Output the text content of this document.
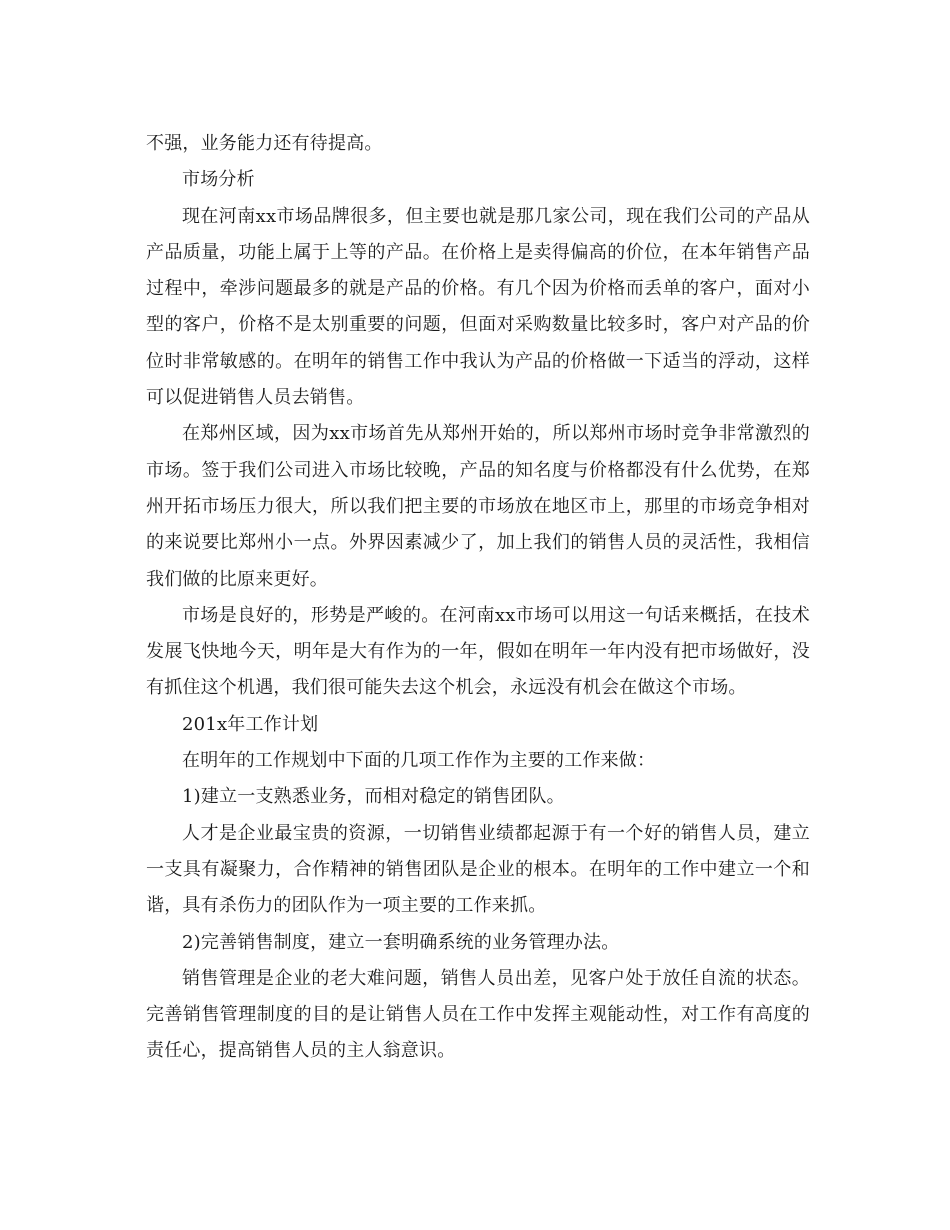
不强，业务能力还有待提高。

市场分析

现在河南xx市场品牌很多，但主要也就是那几家公司，现在我们公司的产品从产品质量，功能上属于上等的产品。在价格上是卖得偏高的价位，在本年销售产品过程中，牵涉问题最多的就是产品的价格。有几个因为价格而丢单的客户，面对小型的客户，价格不是太别重要的问题，但面对采购数量比较多时，客户对产品的价位时非常敏感的。在明年的销售工作中我认为产品的价格做一下适当的浮动，这样可以促进销售人员去销售。

在郑州区域，因为xx市场首先从郑州开始的，所以郑州市场时竞争非常激烈的市场。签于我们公司进入市场比较晚，产品的知名度与价格都没有什么优势，在郑州开拓市场压力很大，所以我们把主要的市场放在地区市上，那里的市场竞争相对的来说要比郑州小一点。外界因素减少了，加上我们的销售人员的灵活性，我相信我们做的比原来更好。

市场是良好的，形势是严峻的。在河南xx市场可以用这一句话来概括，在技术发展飞快地今天，明年是大有作为的一年，假如在明年一年内没有把市场做好，没有抓住这个机遇，我们很可能失去这个机会，永远没有机会在做这个市场。

201x年工作计划

在明年的工作规划中下面的几项工作作为主要的工作来做：

1)建立一支熟悉业务，而相对稳定的销售团队。

人才是企业最宝贵的资源，一切销售业绩都起源于有一个好的销售人员，建立一支具有凝聚力，合作精神的销售团队是企业的根本。在明年的工作中建立一个和谐，具有杀伤力的团队作为一项主要的工作来抓。

2)完善销售制度，建立一套明确系统的业务管理办法。

销售管理是企业的老大难问题，销售人员出差，见客户处于放任自流的状态。完善销售管理制度的目的是让销售人员在工作中发挥主观能动性，对工作有高度的责任心，提高销售人员的主人翁意识。
